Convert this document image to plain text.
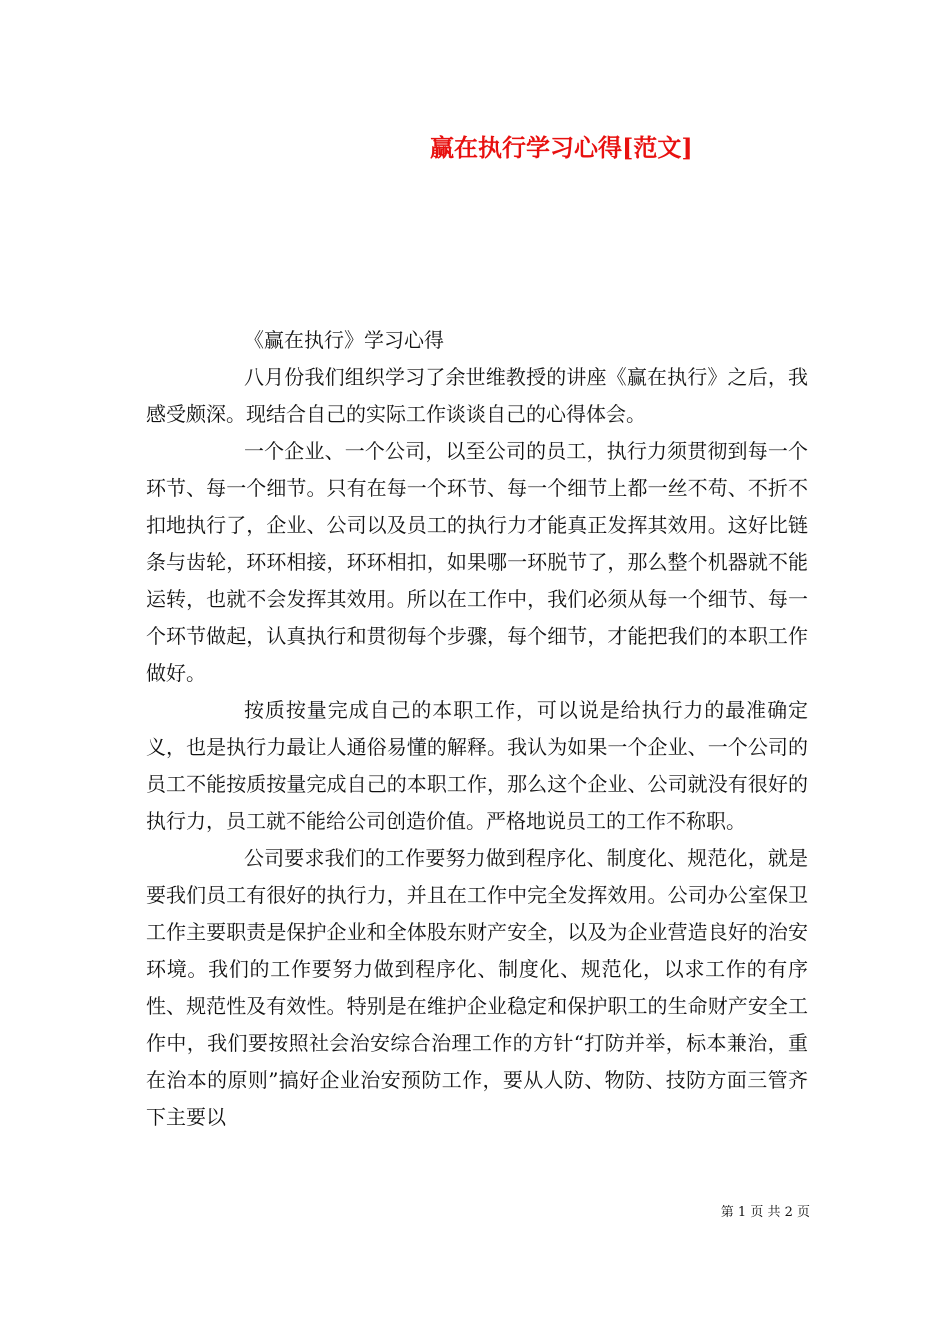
赢在执行学习心得[范文]

《赢在执行》学习心得

八月份我们组织学习了余世维教授的讲座《赢在执行》之后，我感受颇深。现结合自己的实际工作谈谈自己的心得体会。

一个企业、一个公司，以至公司的员工，执行力须贯彻到每一个环节、每一个细节。只有在每一个环节、每一个细节上都一丝不苟、不折不扣地执行了，企业、公司以及员工的执行力才能真正发挥其效用。这好比链条与齿轮，环环相接，环环相扣，如果哪一环脱节了，那么整个机器就不能运转，也就不会发挥其效用。所以在工作中，我们必须从每一个细节、每一个环节做起，认真执行和贯彻每个步骤，每个细节，才能把我们的本职工作做好。

按质按量完成自己的本职工作，可以说是给执行力的最准确定义，也是执行力最让人通俗易懂的解释。我认为如果一个企业、一个公司的员工不能按质按量完成自己的本职工作，那么这个企业、公司就没有很好的执行力，员工就不能给公司创造价值。严格地说员工的工作不称职。

公司要求我们的工作要努力做到程序化、制度化、规范化，就是要我们员工有很好的执行力，并且在工作中完全发挥效用。公司办公室保卫工作主要职责是保护企业和全体股东财产安全，以及为企业营造良好的治安环境。我们的工作要努力做到程序化、制度化、规范化，以求工作的有序性、规范性及有效性。特别是在维护企业稳定和保护职工的生命财产安全工作中，我们要按照社会治安综合治理工作的方针“打防并举，标本兼治，重在治本的原则”搞好企业治安预防工作，要从人防、物防、技防方面三管齐下主要以

第 1 页 共 2 页
